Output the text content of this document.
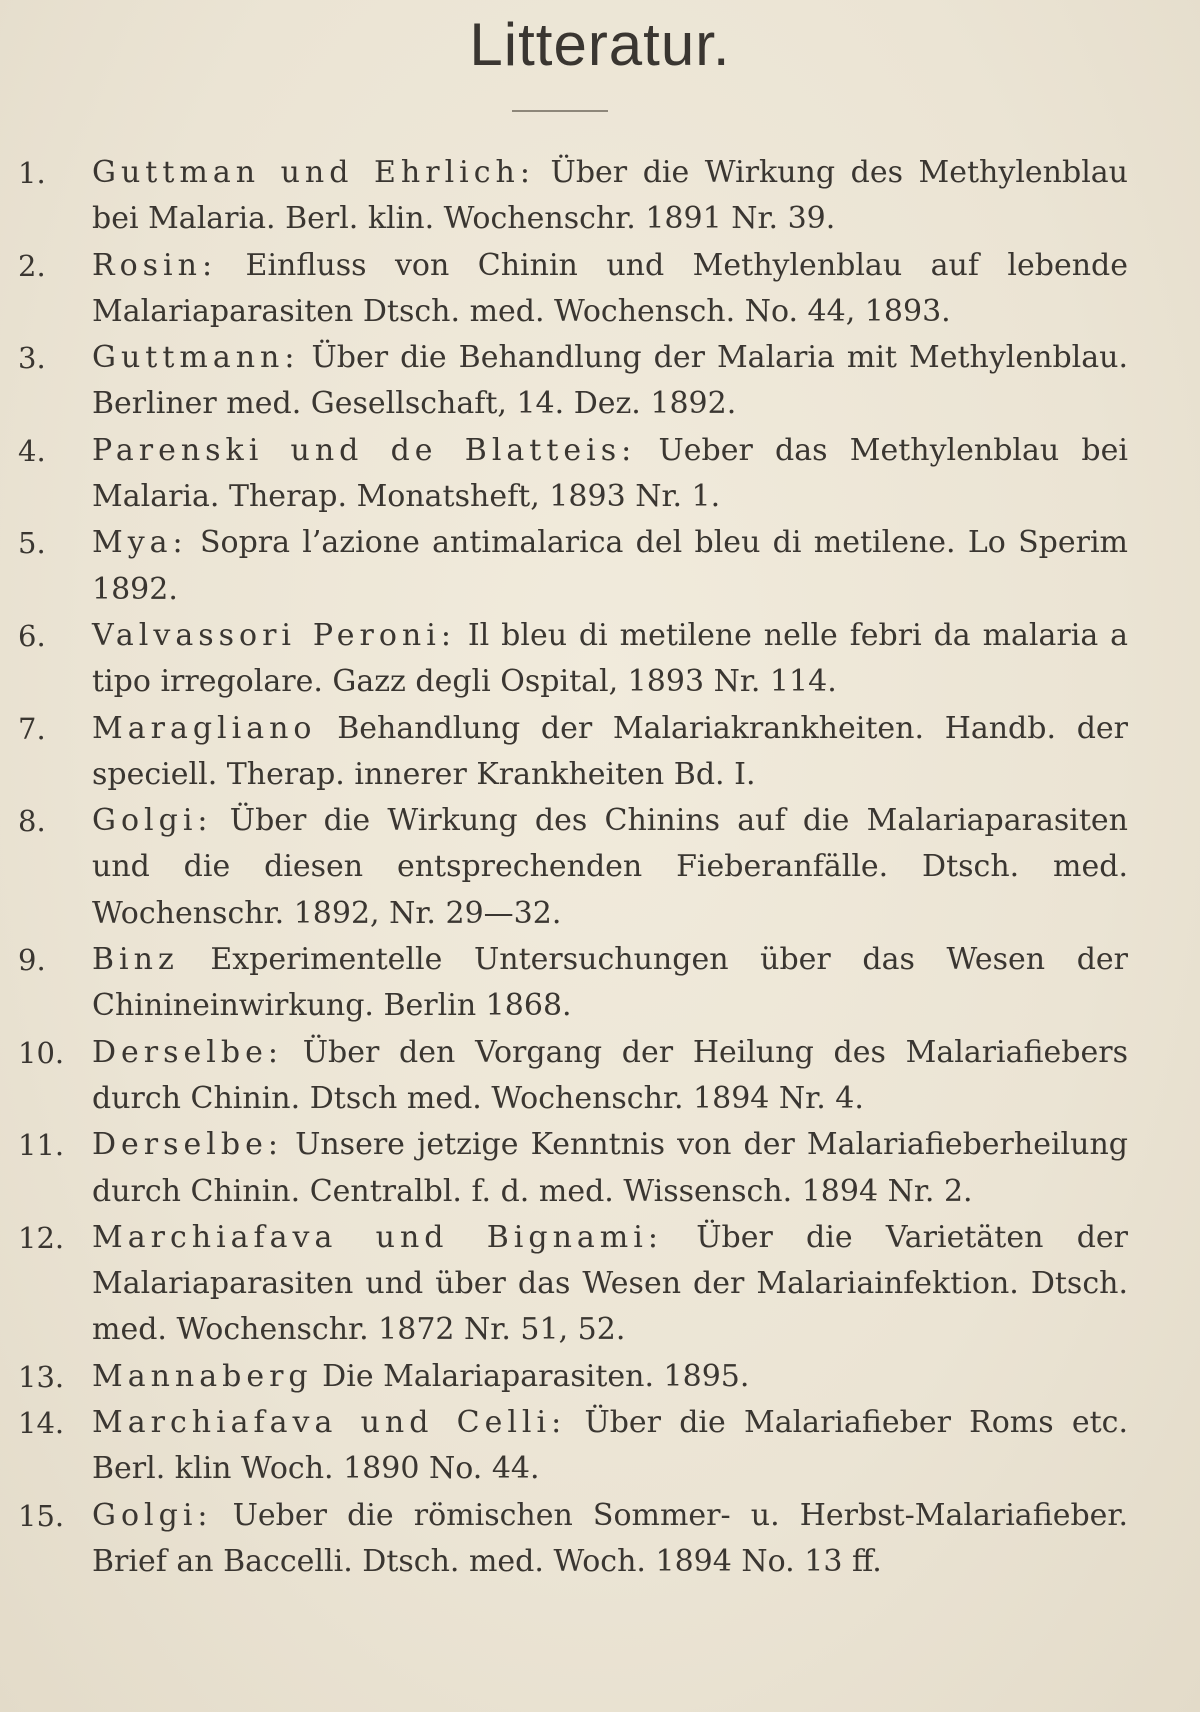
Litteratur.
1.	Guttman und Ehrlich: Über die Wirkung des Methylenblau bei Malaria. Berl. klin. Wochenschr. 1891 Nr. 39.
2.	Rosin: Einfluss von Chinin und Methylenblau auf lebende Malariaparasiten Dtsch. med. Wochensch. No. 44, 1893.
3.	Guttmann: Über die Behandlung der Malaria mit Methylenblau. Berliner med. Gesellschaft, 14. Dez. 1892.
4.	Parenski und de Blatteis: Ueber das Methylenblau bei Malaria. Therap. Monatsheft, 1893 Nr. 1.
5.	Mya: Sopra l’azione antimalarica del bleu di metilene. Lo Sperim 1892.
6.	Valvassori Peroni: Il bleu di metilene nelle febri da malaria a tipo irregolare. Gazz degli Ospital, 1893 Nr. 114.
7.	Maragliano Behandlung der Malariakrankheiten. Handb. der speciell. Therap. innerer Krankheiten Bd. I.
8.	Golgi: Über die Wirkung des Chinins auf die Malariaparasiten und die diesen entsprechenden Fieberanfälle. Dtsch. med. Wochenschr. 1892, Nr. 29—32.
9.	Binz Experimentelle Untersuchungen über das Wesen der Chinineinwirkung. Berlin 1868.
10. Derselbe: Über den Vorgang der Heilung des Malariafiebers durch Chinin. Dtsch med. Wochenschr. 1894 Nr. 4.
11. Derselbe: Unsere jetzige Kenntnis von der Malariafieberheilung durch Chinin. Centralbl. f. d. med. Wissensch. 1894 Nr. 2.
12. Marchiafava und Bignami: Über die Varietäten der Malariaparasiten und über das Wesen der Malariainfektion. Dtsch. med. Wochenschr. 1872 Nr. 51, 52.
13. Mannaberg Die Malariaparasiten. 1895.
14. Marchiafava und Celli: Über die Malariafieber Roms etc. Berl. klin Woch. 1890 No. 44.
15. Golgi: Ueber die römischen Sommer- u. Herbst-Malariafieber. Brief an Baccelli. Dtsch. med. Woch. 1894 No. 13 ff.
